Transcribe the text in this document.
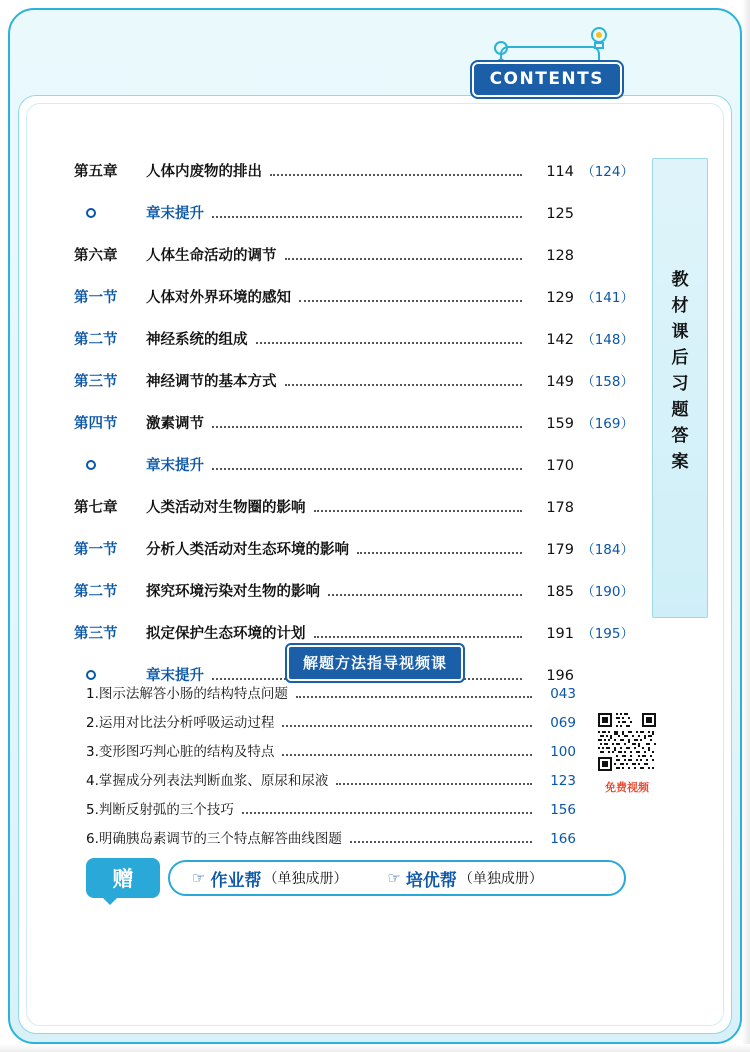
CONTENTS
教
材
课
后
习
题
答
案
第五章	人体内废物的排出	114 （124）
章末提升	125
第六章	人体生命活动的调节	128
第一节	人体对外界环境的感知	129 （141）
第二节	神经系统的组成	142 （148）
第三节	神经调节的基本方式	149 （158）
第四节	激素调节	159 （169）
章末提升	170
第七章	人类活动对生物圈的影响	178
第一节	分析人类活动对生态环境的影响	179 （184）
第二节	探究环境污染对生物的影响	185 （190）
第三节	拟定保护生态环境的计划	191 （195）
章末提升	196
解题方法指导视频课
1.图示法解答小肠的结构特点问题	043
2.运用对比法分析呼吸运动过程	069
3.变形图巧判心脏的结构及特点	100
4.掌握成分列表法判断血浆、原尿和尿液	123
5.判断反射弧的三个技巧	156
6.明确胰岛素调节的三个特点解答曲线图题	166
免费视频
赠	☞ 作业帮 （单独成册）	☞ 培优帮 （单独成册）
